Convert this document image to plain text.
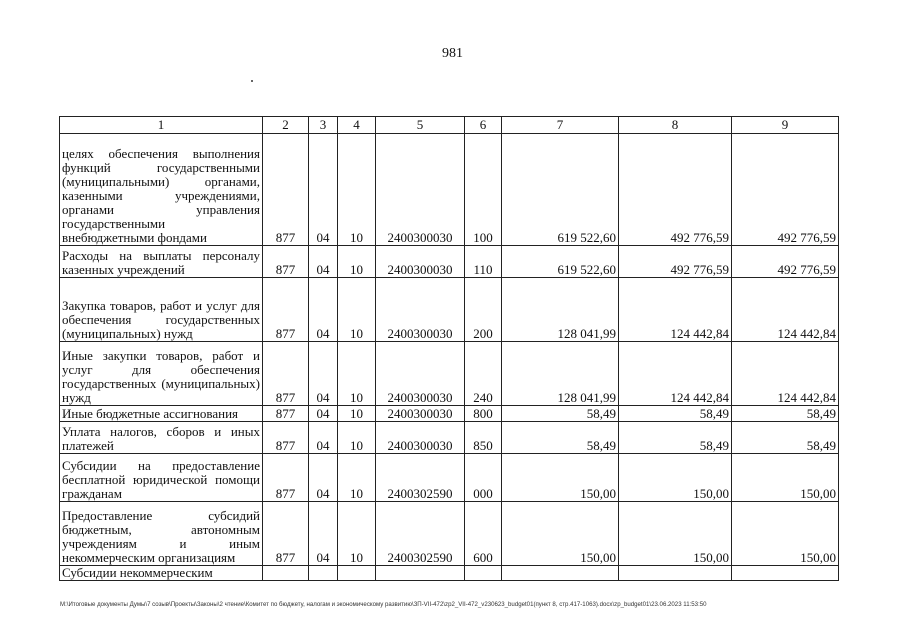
981
1	2	3	4	5	6	7	8	9
целях обеспечения выполнения функций государственными (муниципальными) органами, казенными учреждениями, органами управления государственными внебюджетными фондами	877	04	10	2400300030	100	619 522,60	492 776,59	492 776,59
Расходы на выплаты персоналу казенных учреждений	877	04	10	2400300030	110	619 522,60	492 776,59	492 776,59
Закупка товаров, работ и услуг для обеспечения государственных (муниципальных) нужд	877	04	10	2400300030	200	128 041,99	124 442,84	124 442,84
Иные закупки товаров, работ и услуг для обеспечения государственных (муниципальных) нужд	877	04	10	2400300030	240	128 041,99	124 442,84	124 442,84
Иные бюджетные ассигнования	877	04	10	2400300030	800	58,49	58,49	58,49
Уплата налогов, сборов и иных платежей	877	04	10	2400300030	850	58,49	58,49	58,49
Субсидии на предоставление бесплатной юридической помощи гражданам	877	04	10	2400302590	000	150,00	150,00	150,00
Предоставление субсидий бюджетным, автономным учреждениям и иным некоммерческим организациям	877	04	10	2400302590	600	150,00	150,00	150,00
Субсидии некоммерческим								
M:\Итоговые документы Думы\7 созыв\Проекты\Законы\2 чтение\Комитет по бюджету, налогам и экономическому развитию\ЗП-VII-472\zp2_VII-472_v230623_budget01(пункт 8, стр.417-1063).docx\zp_budget01\23.06.2023 11:53:50
